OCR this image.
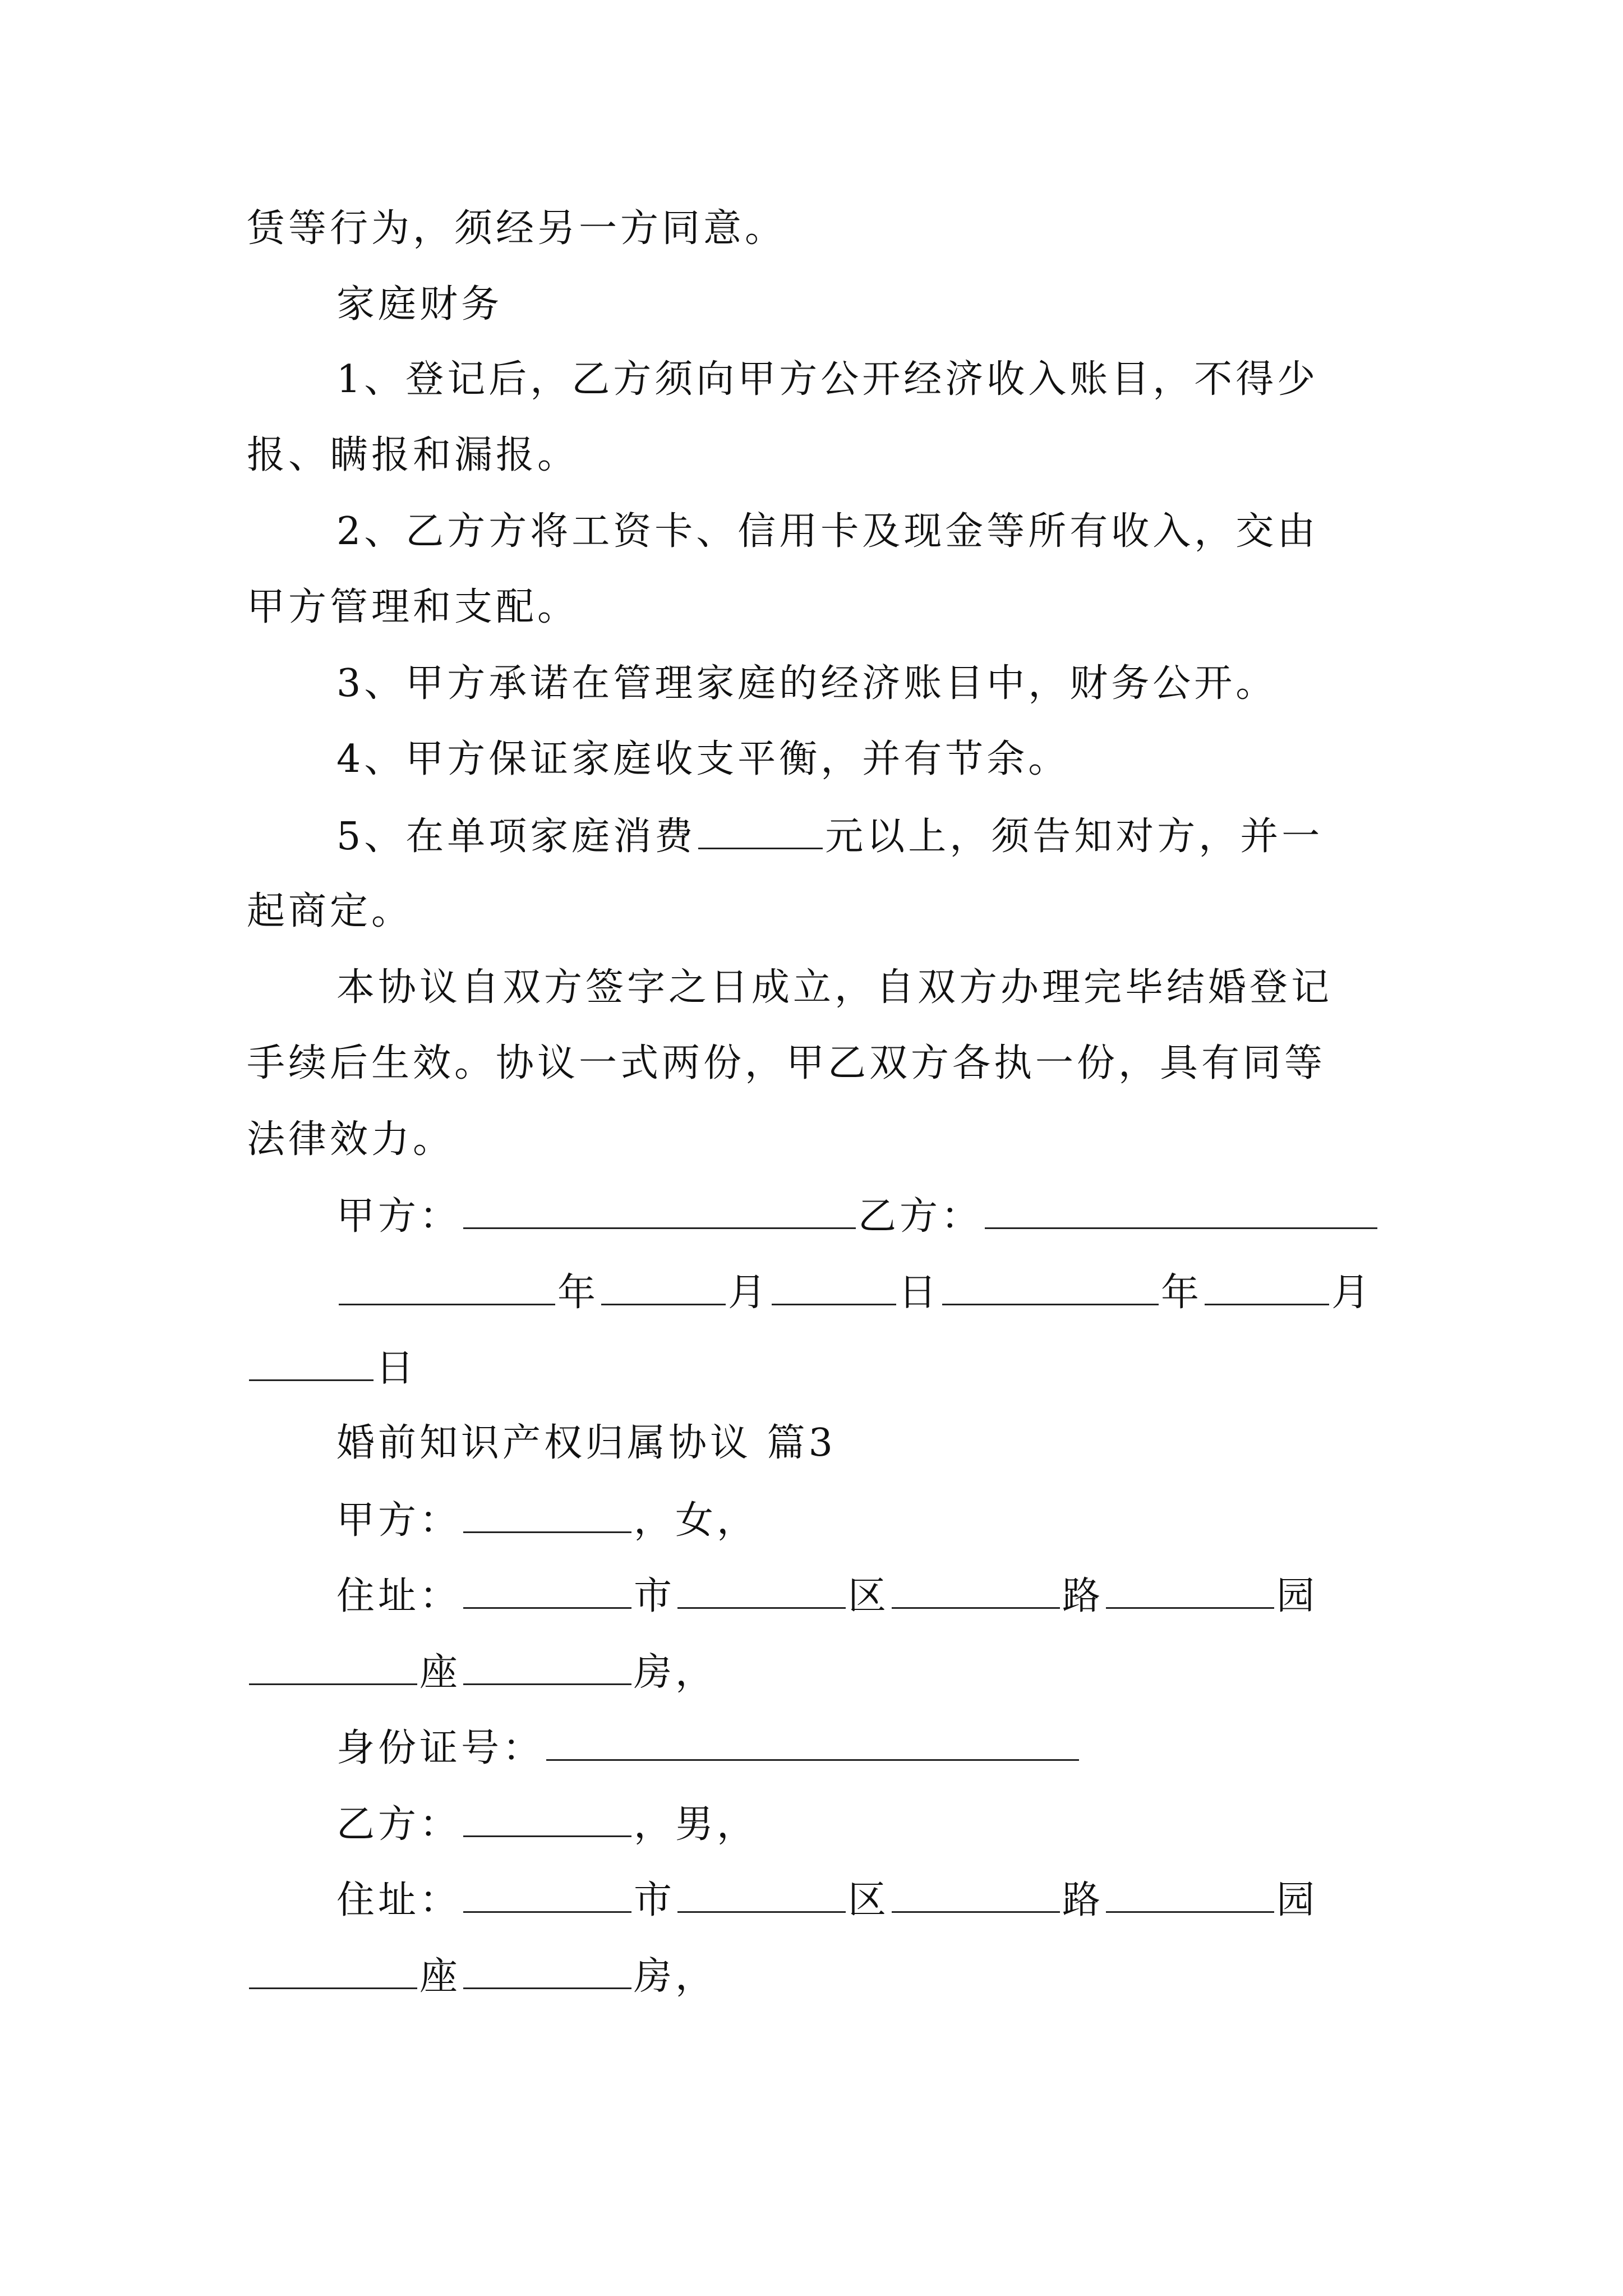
赁等行为，须经另一方同意。
家庭财务
1、登记后，乙方须向甲方公开经济收入账目，不得少
报、瞒报和漏报。
2、乙方方将工资卡、信用卡及现金等所有收入，交由
甲方管理和支配。
3、甲方承诺在管理家庭的经济账目中，财务公开。
4、甲方保证家庭收支平衡，并有节余。
5、在单项家庭消费	元以上，须告知对方，并一
起商定。
本协议自双方签字之日成立，自双方办理完毕结婚登记
手续后生效。协议一式两份，甲乙双方各执一份，具有同等
法律效力。
甲方：	乙方：
年	月	日	年	月
日
婚前知识产权归属协议 篇3
甲方：	，女，
住址：	市	区	路	园
座	房，
身份证号：
乙方：	，男，
住址：	市	区	路	园
座	房，
